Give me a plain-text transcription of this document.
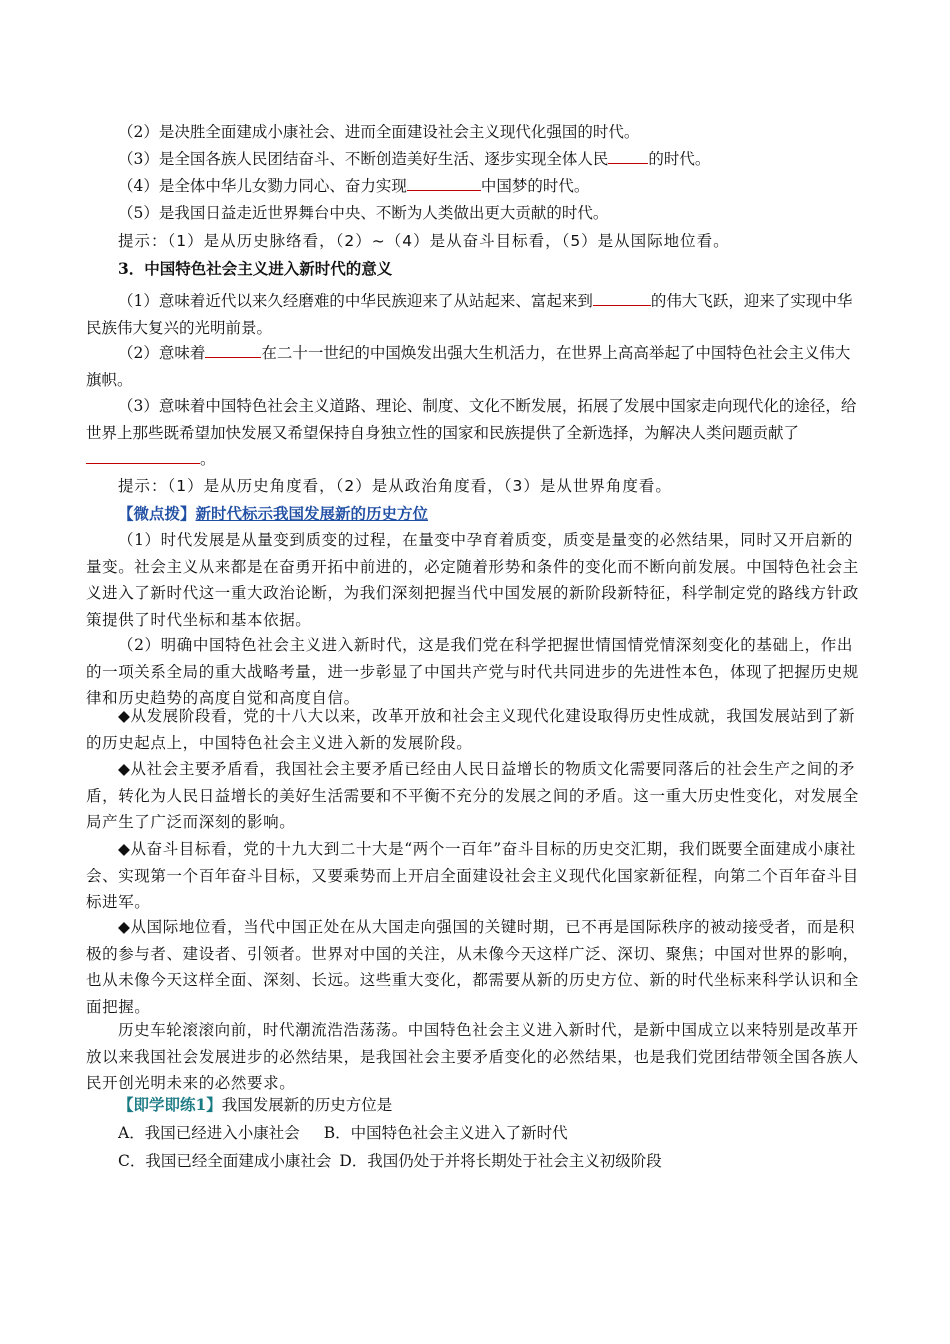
（2）是决胜全面建成小康社会、进而全面建设社会主义现代化强国的时代。

（3）是全国各族人民团结奋斗、不断创造美好生活、逐步实现全体人民	的时代。

（4）是全体中华儿女勠力同心、奋力实现	中国梦的时代。

（5）是我国日益走近世界舞台中央、不断为人类做出更大贡献的时代。

提示：（1）是从历史脉络看，（2）~（4）是从奋斗目标看，（5）是从国际地位看。

3．中国特色社会主义进入新时代的意义

（1）意味着近代以来久经磨难的中华民族迎来了从站起来、富起来到	的伟大飞跃，迎来了实现中华民族伟大复兴的光明前景。

（2）意味着	在二十一世纪的中国焕发出强大生机活力，在世界上高高举起了中国特色社会主义伟大旗帜。

（3）意味着中国特色社会主义道路、理论、制度、文化不断发展，拓展了发展中国家走向现代化的途径，给世界上那些既希望加快发展又希望保持自身独立性的国家和民族提供了全新选择，为解决人类问题贡献了。

提示：（1）是从历史角度看，（2）是从政治角度看，（3）是从世界角度看。

【微点拨】新时代标示我国发展新的历史方位

（1）时代发展是从量变到质变的过程，在量变中孕育着质变，质变是量变的必然结果，同时又开启新的量变。社会主义从来都是在奋勇开拓中前进的，必定随着形势和条件的变化而不断向前发展。中国特色社会主义进入了新时代这一重大政治论断，为我们深刻把握当代中国发展的新阶段新特征，科学制定党的路线方针政策提供了时代坐标和基本依据。

（2）明确中国特色社会主义进入新时代，这是我们党在科学把握世情国情党情深刻变化的基础上，作出的一项关系全局的重大战略考量，进一步彰显了中国共产党与时代共同进步的先进性本色，体现了把握历史规律和历史趋势的高度自觉和高度自信。

◆从发展阶段看，党的十八大以来，改革开放和社会主义现代化建设取得历史性成就，我国发展站到了新的历史起点上，中国特色社会主义进入新的发展阶段。

◆从社会主要矛盾看，我国社会主要矛盾已经由人民日益增长的物质文化需要同落后的社会生产之间的矛盾，转化为人民日益增长的美好生活需要和不平衡不充分的发展之间的矛盾。这一重大历史性变化，对发展全局产生了广泛而深刻的影响。

◆从奋斗目标看，党的十九大到二十大是“两个一百年”奋斗目标的历史交汇期，我们既要全面建成小康社会、实现第一个百年奋斗目标，又要乘势而上开启全面建设社会主义现代化国家新征程，向第二个百年奋斗目标进军。

◆从国际地位看，当代中国正处在从大国走向强国的关键时期，已不再是国际秩序的被动接受者，而是积极的参与者、建设者、引领者。世界对中国的关注，从未像今天这样广泛、深切、聚焦；中国对世界的影响，也从未像今天这样全面、深刻、长远。这些重大变化，都需要从新的历史方位、新的时代坐标来科学认识和全面把握。

历史车轮滚滚向前，时代潮流浩浩荡荡。中国特色社会主义进入新时代，是新中国成立以来特别是改革开放以来我国社会发展进步的必然结果，是我国社会主要矛盾变化的必然结果，也是我们党团结带领全国各族人民开创光明未来的必然要求。

【即学即练1】我国发展新的历史方位是

A．我国已经进入小康社会 B．中国特色社会主义进入了新时代

C．我国已经全面建成小康社会 D．我国仍处于并将长期处于社会主义初级阶段
